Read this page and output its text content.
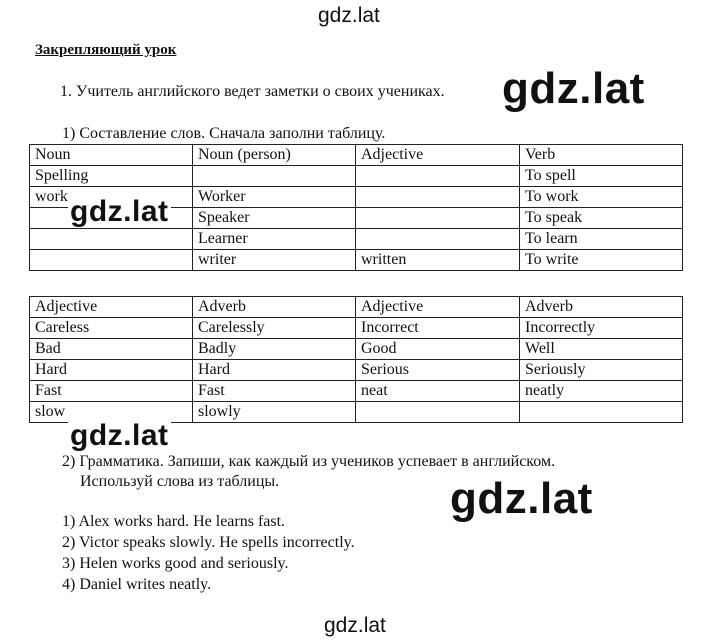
gdz.lat
gdz.lat
Закрепляющий урок
1. Учитель английского ведет заметки о своих учениках. gdz.lat
1) Составление слов. Сначала заполни таблицу.
Noun	Noun (person)	Adjective	Verb
Spelling			To spell
work	Worker		To work
	Speaker		To speak
	Learner		To learn
	writer	written	To write
gdz.lat
Adjective	Adverb	Adjective	Adverb
Careless	Carelessly	Incorrect	Incorrectly
Bad	Badly	Good	Well
Hard	Hard	Serious	Seriously
Fast	Fast	neat	neatly
slow	slowly		
gdz.lat
2) Грамматика. Запиши, как каждый из учеников успевает в английском.
Используй слова из таблицы.	gdz.lat
1) Alex works hard. He learns fast.
2) Victor speaks slowly. He spells incorrectly.
3) Helen works good and seriously.
4) Daniel writes neatly.
